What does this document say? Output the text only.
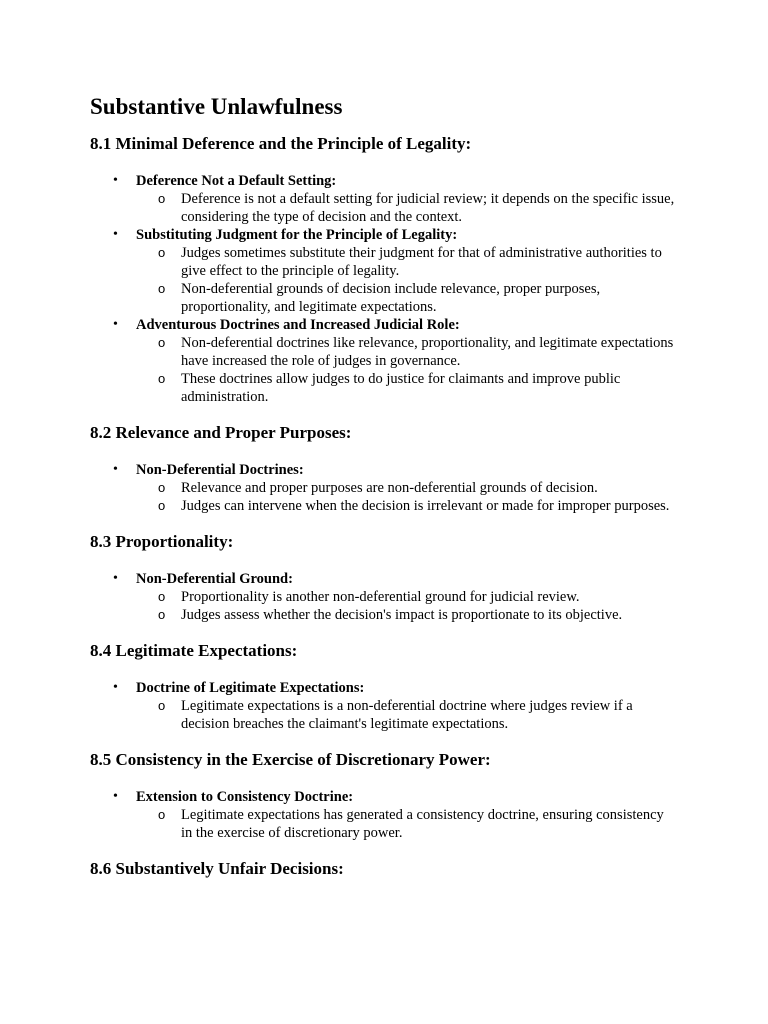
Substantive Unlawfulness
8.1 Minimal Deference and the Principle of Legality:
• Deference Not a Default Setting:
o Deference is not a default setting for judicial review; it depends on the specific issue, considering the type of decision and the context.
• Substituting Judgment for the Principle of Legality:
o Judges sometimes substitute their judgment for that of administrative authorities to give effect to the principle of legality.
o Non-deferential grounds of decision include relevance, proper purposes, proportionality, and legitimate expectations.
• Adventurous Doctrines and Increased Judicial Role:
o Non-deferential doctrines like relevance, proportionality, and legitimate expectations have increased the role of judges in governance.
o These doctrines allow judges to do justice for claimants and improve public administration.
8.2 Relevance and Proper Purposes:
• Non-Deferential Doctrines:
o Relevance and proper purposes are non-deferential grounds of decision.
o Judges can intervene when the decision is irrelevant or made for improper purposes.
8.3 Proportionality:
• Non-Deferential Ground:
o Proportionality is another non-deferential ground for judicial review.
o Judges assess whether the decision's impact is proportionate to its objective.
8.4 Legitimate Expectations:
• Doctrine of Legitimate Expectations:
o Legitimate expectations is a non-deferential doctrine where judges review if a decision breaches the claimant's legitimate expectations.
8.5 Consistency in the Exercise of Discretionary Power:
• Extension to Consistency Doctrine:
o Legitimate expectations has generated a consistency doctrine, ensuring consistency in the exercise of discretionary power.
8.6 Substantively Unfair Decisions:
